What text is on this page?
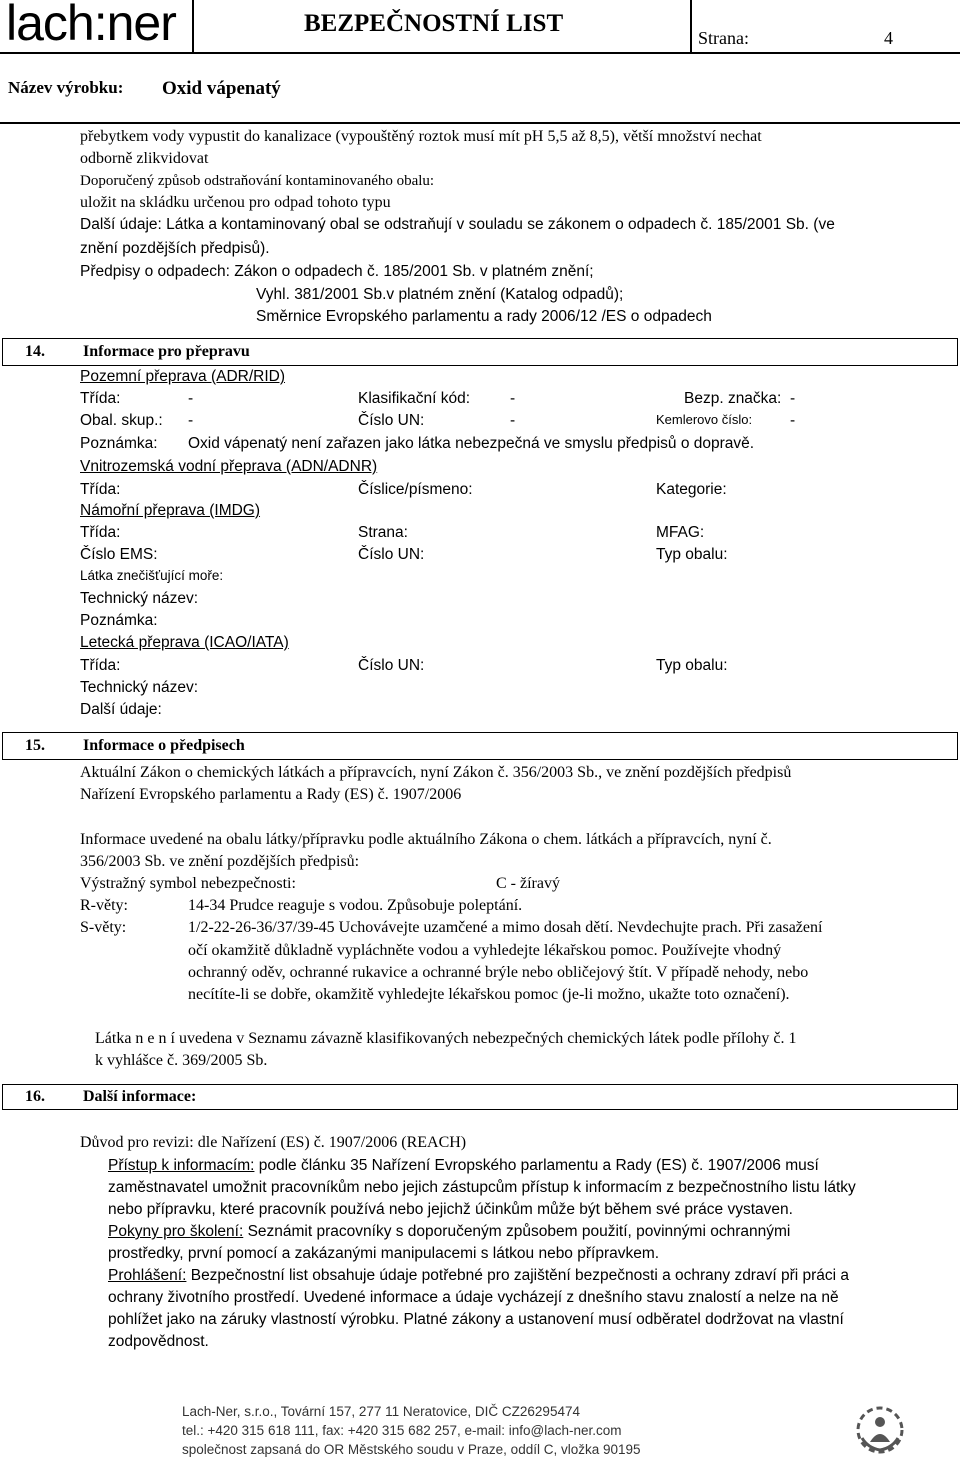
lach:ner	BEZPEČNOSTNÍ LIST
Strana:	4
Název výrobku: Oxid vápenatý
přebytkem vody vypustit do kanalizace (vypouštěný roztok musí mít pH 5,5 až 8,5), větší množství nechat
odborně zlikvidovat
Doporučený způsob odstraňování kontaminovaného obalu:
uložit na skládku určenou pro odpad tohoto typu
Další údaje: Látka a kontaminovaný obal se odstraňují v souladu se zákonem o odpadech č. 185/2001 Sb. (ve
znění pozdějších předpisů).
Předpisy o odpadech: Zákon o odpadech č. 185/2001 Sb. v platném znění;
Vyhl. 381/2001 Sb.v platném znění (Katalog odpadů);
Směrnice Evropského parlamentu a rady 2006/12 /ES o odpadech
14. Informace pro přepravu
Pozemní přeprava (ADR/RID)
Třída:	-	Klasifikační kód:	-	Bezp. značka: -
Obal. skup.: -	Číslo UN:	-	Kemlerovo číslo: -
Poznámka: Oxid vápenatý není zařazen jako látka nebezpečná ve smyslu předpisů o dopravě.
Vnitrozemská vodní přeprava (ADN/ADNR)
Třída:	Číslice/písmeno:	Kategorie:
Námořní přeprava (IMDG)
Třída:	Strana:	MFAG:
Číslo EMS:	Číslo UN:	Typ obalu:
Látka znečišťující moře:
Technický název:
Poznámka:
Letecká přeprava (ICAO/IATA)
Třída:	Číslo UN:	Typ obalu:
Technický název:
Další údaje:
15. Informace o předpisech
Aktuální Zákon o chemických látkách a přípravcích, nyní Zákon č. 356/2003 Sb., ve znění pozdějších předpisů
Nařízení Evropského parlamentu a Rady (ES) č. 1907/2006
Informace uvedené na obalu látky/přípravku podle aktuálního Zákona o chem. látkách a přípravcích, nyní č.
356/2003 Sb. ve znění pozdějších předpisů:
Výstražný symbol nebezpečnosti:	C - žíravý
R-věty:	14-34 Prudce reaguje s vodou. Způsobuje poleptání.
S-věty:	1/2-22-26-36/37/39-45 Uchovávejte uzamčené a mimo dosah dětí. Nevdechujte prach. Při zasažení
očí okamžitě důkladně vypláchněte vodou a vyhledejte lékařskou pomoc. Používejte vhodný
ochranný oděv, ochranné rukavice a ochranné brýle nebo obličejový štít. V případě nehody, nebo
necítíte-li se dobře, okamžitě vyhledejte lékařskou pomoc (je-li možno, ukažte toto označení).
Látka n e n í uvedena v Seznamu závazně klasifikovaných nebezpečných chemických látek podle přílohy č. 1
k vyhlášce č. 369/2005 Sb.
16. Další informace:
Důvod pro revizi: dle Nařízení (ES) č. 1907/2006 (REACH)
Přístup k informacím: podle článku 35 Nařízení Evropského parlamentu a Rady (ES) č. 1907/2006 musí
zaměstnavatel umožnit pracovníkům nebo jejich zástupcům přístup k informacím z bezpečnostního listu látky
nebo přípravku, které pracovník používá nebo jejichž účinkům může být během své práce vystaven.
Pokyny pro školení: Seznámit pracovníky s doporučeným způsobem použití, povinnými ochrannými
prostředky, první pomocí a zakázanými manipulacemi s látkou nebo přípravkem.
Prohlášení: Bezpečnostní list obsahuje údaje potřebné pro zajištění bezpečnosti a ochrany zdraví při práci a
ochrany životního prostředí. Uvedené informace a údaje vycházejí z dnešního stavu znalostí a nelze na ně
pohlížet jako na záruky vlastností výrobku. Platné zákony a ustanovení musí odběratel dodržovat na vlastní
zodpovědnost.
Lach-Ner, s.r.o., Tovární 157, 277 11 Neratovice, DIČ CZ26295474
tel.: +420 315 618 111, fax: +420 315 682 257, e-mail: info@lach-ner.com
společnost zapsaná do OR Městského soudu v Praze, oddíl C, vložka 90195
